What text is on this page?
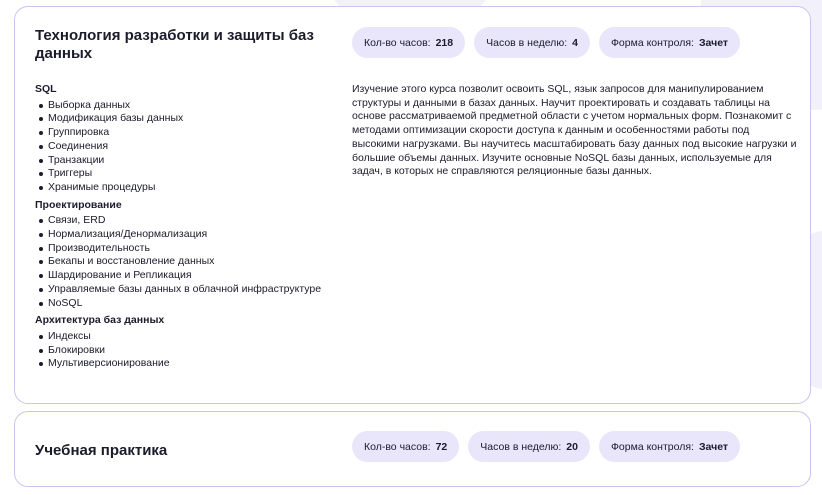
Технология разработки и защиты баз данных
Кол-во часов: 218	Часов в неделю: 4	Форма контроля: Зачет
SQL
Выборка данных
Модификация базы данных
Группировка
Соединения
Транзакции
Триггеры
Хранимые процедуры
Проектирование
Связи, ERD
Нормализация/Денормализация
Производительность
Бекапы и восстановление данных
Шардирование и Репликация
Управляемые базы данных в облачной инфраструктуре
NoSQL
Архитектура баз данных
Индексы
Блокировки
Мультиверсионирование

Изучение этого курса позволит освоить SQL, язык запросов для манипулированием структуры и данными в базах данных. Научит проектировать и создавать таблицы на основе рассматриваемой предметной области с учетом нормальных форм. Познакомит с методами оптимизации скорости доступа к данным и особенностями работы под высокими нагрузками. Вы научитесь масштабировать базу данных под высокие нагрузки и большие объемы данных. Изучите основные NoSQL базы данных, используемые для задач, в которых не справляются реляционные базы данных.

Учебная практика	Кол-во часов: 72	Часов в неделю: 20	Форма контроля: Зачет
